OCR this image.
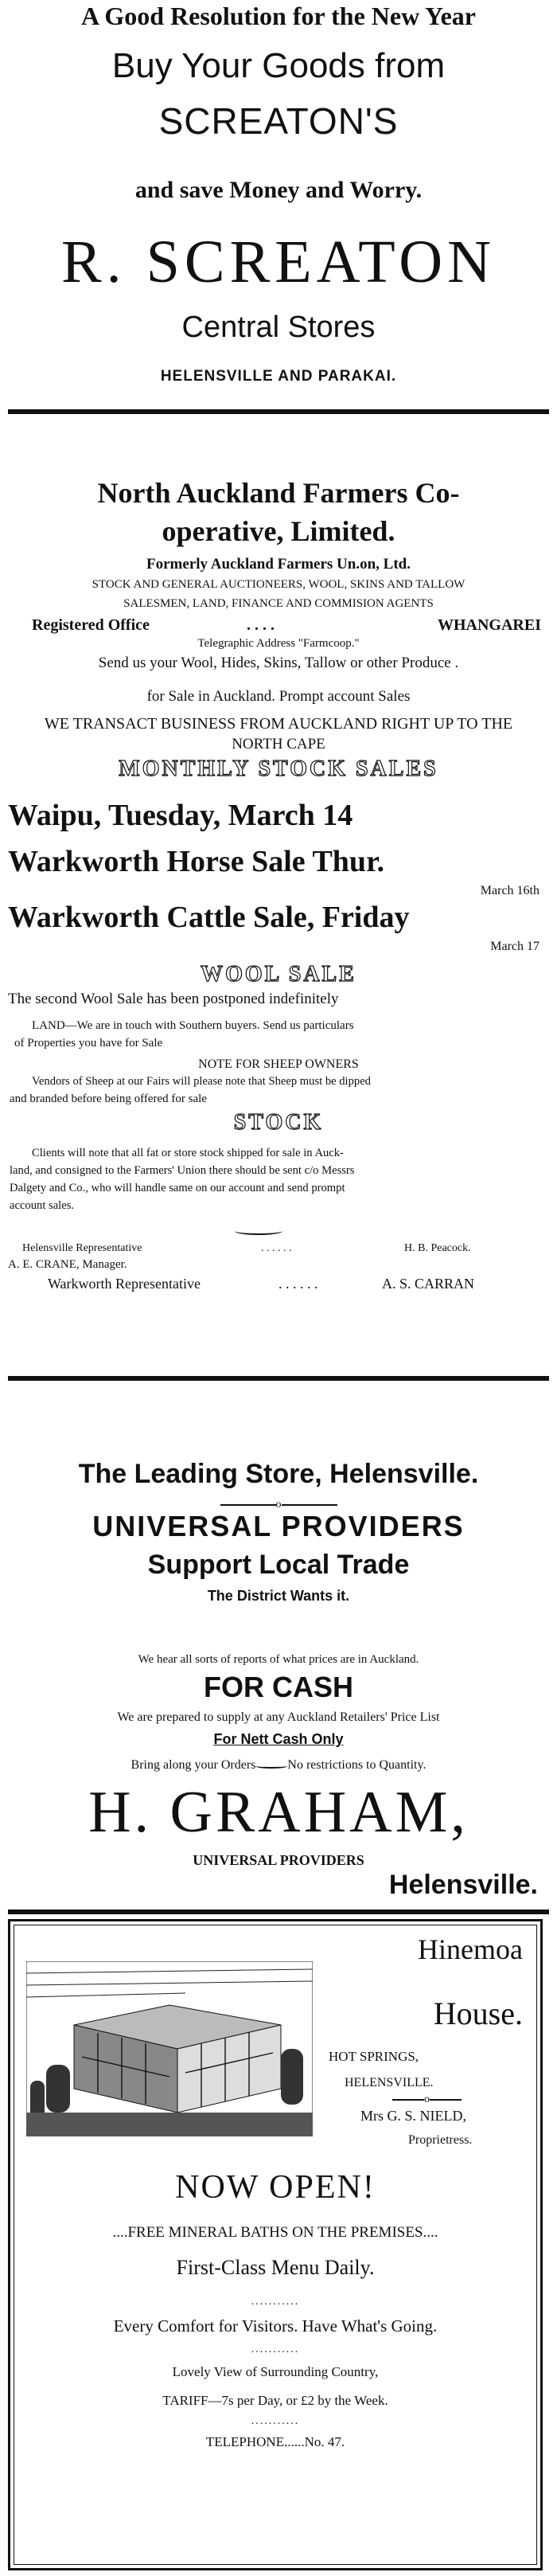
A Good Resolution for the New Year
Buy Your Goods from
SCREATON'S
and save Money and Worry.
R. SCREATON
Central Stores
HELENSVILLE AND PARAKAI.
North Auckland Farmers Co-
operative, Limited.
Formerly Auckland Farmers Un.on, Ltd.
STOCK AND GENERAL AUCTIONEERS, WOOL, SKINS AND TALLOW
SALESMEN, LAND, FINANCE AND COMMISION AGENTS
Registered Office	. . . .	WHANGAREI
Telegraphic Address "Farmcoop."
Send us your Wool, Hides, Skins, Tallow or other Produce .
for Sale in Auckland. Prompt account Sales
WE TRANSACT BUSINESS FROM AUCKLAND RIGHT UP TO THE
NORTH CAPE
MONTHLY STOCK SALES
Waipu, Tuesday, March 14
Warkworth Horse Sale Thur.
March 16th
Warkworth Cattle Sale, Friday
March 17
WOOL SALE
The second Wool Sale has been postponed indefinitely
LAND—We are in touch with Southern buyers. Send us particulars
of Properties you have for Sale
NOTE FOR SHEEP OWNERS
Vendors of Sheep at our Fairs will please note that Sheep must be dipped
and branded before being offered for sale
STOCK
Clients will note that all fat or store stock shipped for sale in Auck-
land, and consigned to the Farmers' Union there should be sent c/o Messrs
Dalgety and Co., who will handle same on our account and send prompt
account sales.
Helensville Representative	. . . . . .	H. B. Peacock.
A. E. CRANE, Manager.
Warkworth Representative	. . . . . .	A. S. CARRAN
The Leading Store, Helensville.
o
UNIVERSAL PROVIDERS
Support Local Trade
The District Wants it.
We hear all sorts of reports of what prices are in Auckland.
FOR CASH
We are prepared to supply at any Auckland Retailers' Price List
For Nett Cash Only
Bring along your Orders	No restrictions to Quantity.
H. GRAHAM,
UNIVERSAL PROVIDERS
Helensville.
Hinemoa
House.
HOT SPRINGS,
HELENSVILLE.
o
Mrs G. S. NIELD,
Proprietress.
NOW OPEN!
....FREE MINERAL BATHS ON THE PREMISES....
First-Class Menu Daily.
...........
Every Comfort for Visitors. Have What's Going.
...........
Lovely View of Surrounding Country,
TARIFF—7s per Day, or £2 by the Week.
...........
TELEPHONE......No. 47.
